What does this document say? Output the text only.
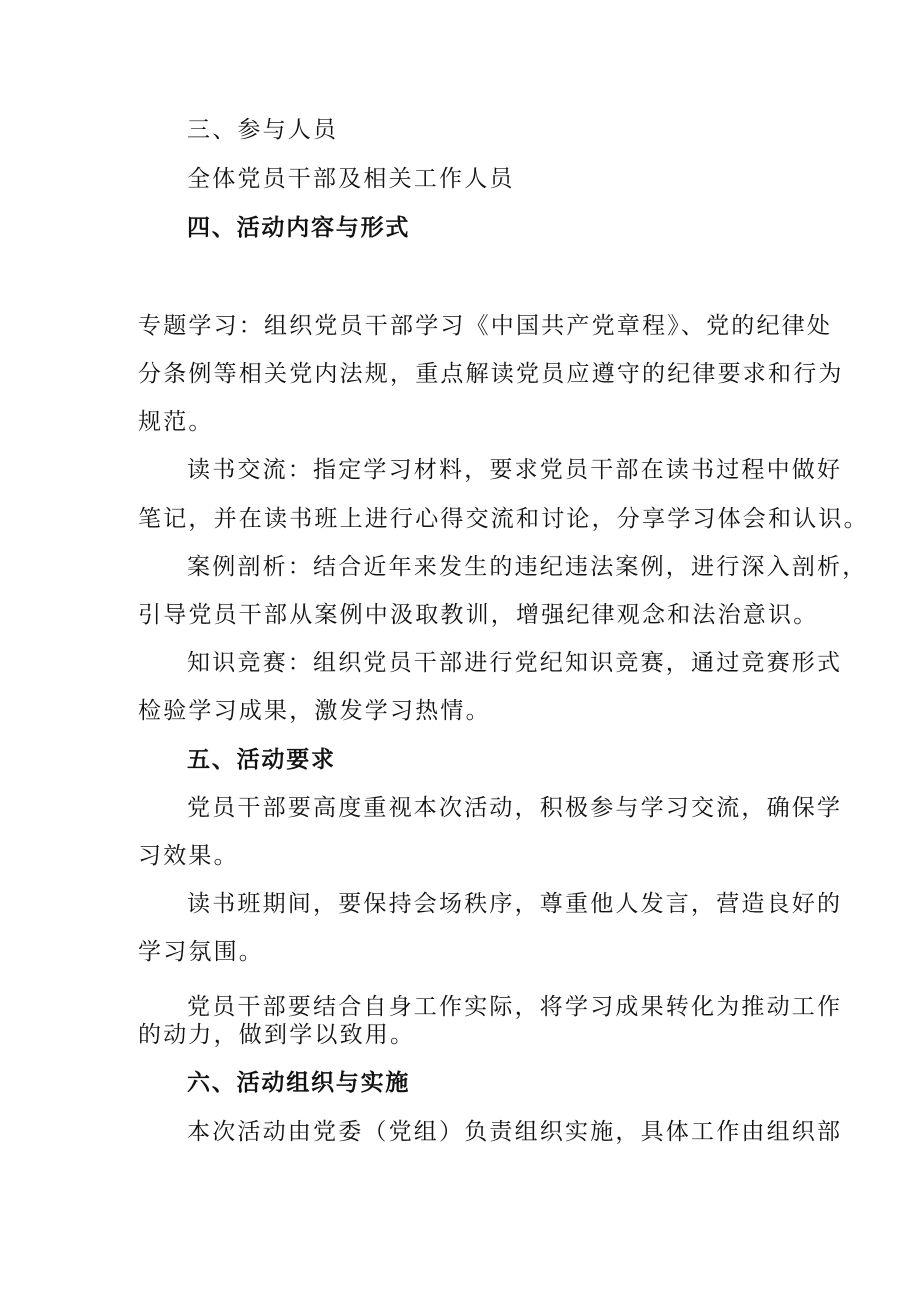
三、参与人员
全体党员干部及相关工作人员
四、活动内容与形式
专题学习：组织党员干部学习《中国共产党章程》、党的纪律处
分条例等相关党内法规，重点解读党员应遵守的纪律要求和行为
规范。
读书交流：指定学习材料，要求党员干部在读书过程中做好
笔记，并在读书班上进行心得交流和讨论，分享学习体会和认识。
案例剖析：结合近年来发生的违纪违法案例，进行深入剖析，
引导党员干部从案例中汲取教训，增强纪律观念和法治意识。
知识竞赛：组织党员干部进行党纪知识竞赛，通过竞赛形式
检验学习成果，激发学习热情。
五、活动要求
党员干部要高度重视本次活动，积极参与学习交流，确保学
习效果。
读书班期间，要保持会场秩序，尊重他人发言，营造良好的
学习氛围。
党员干部要结合自身工作实际，将学习成果转化为推动工作
的动力，做到学以致用。
六、活动组织与实施
本次活动由党委（党组）负责组织实施，具体工作由组织部
